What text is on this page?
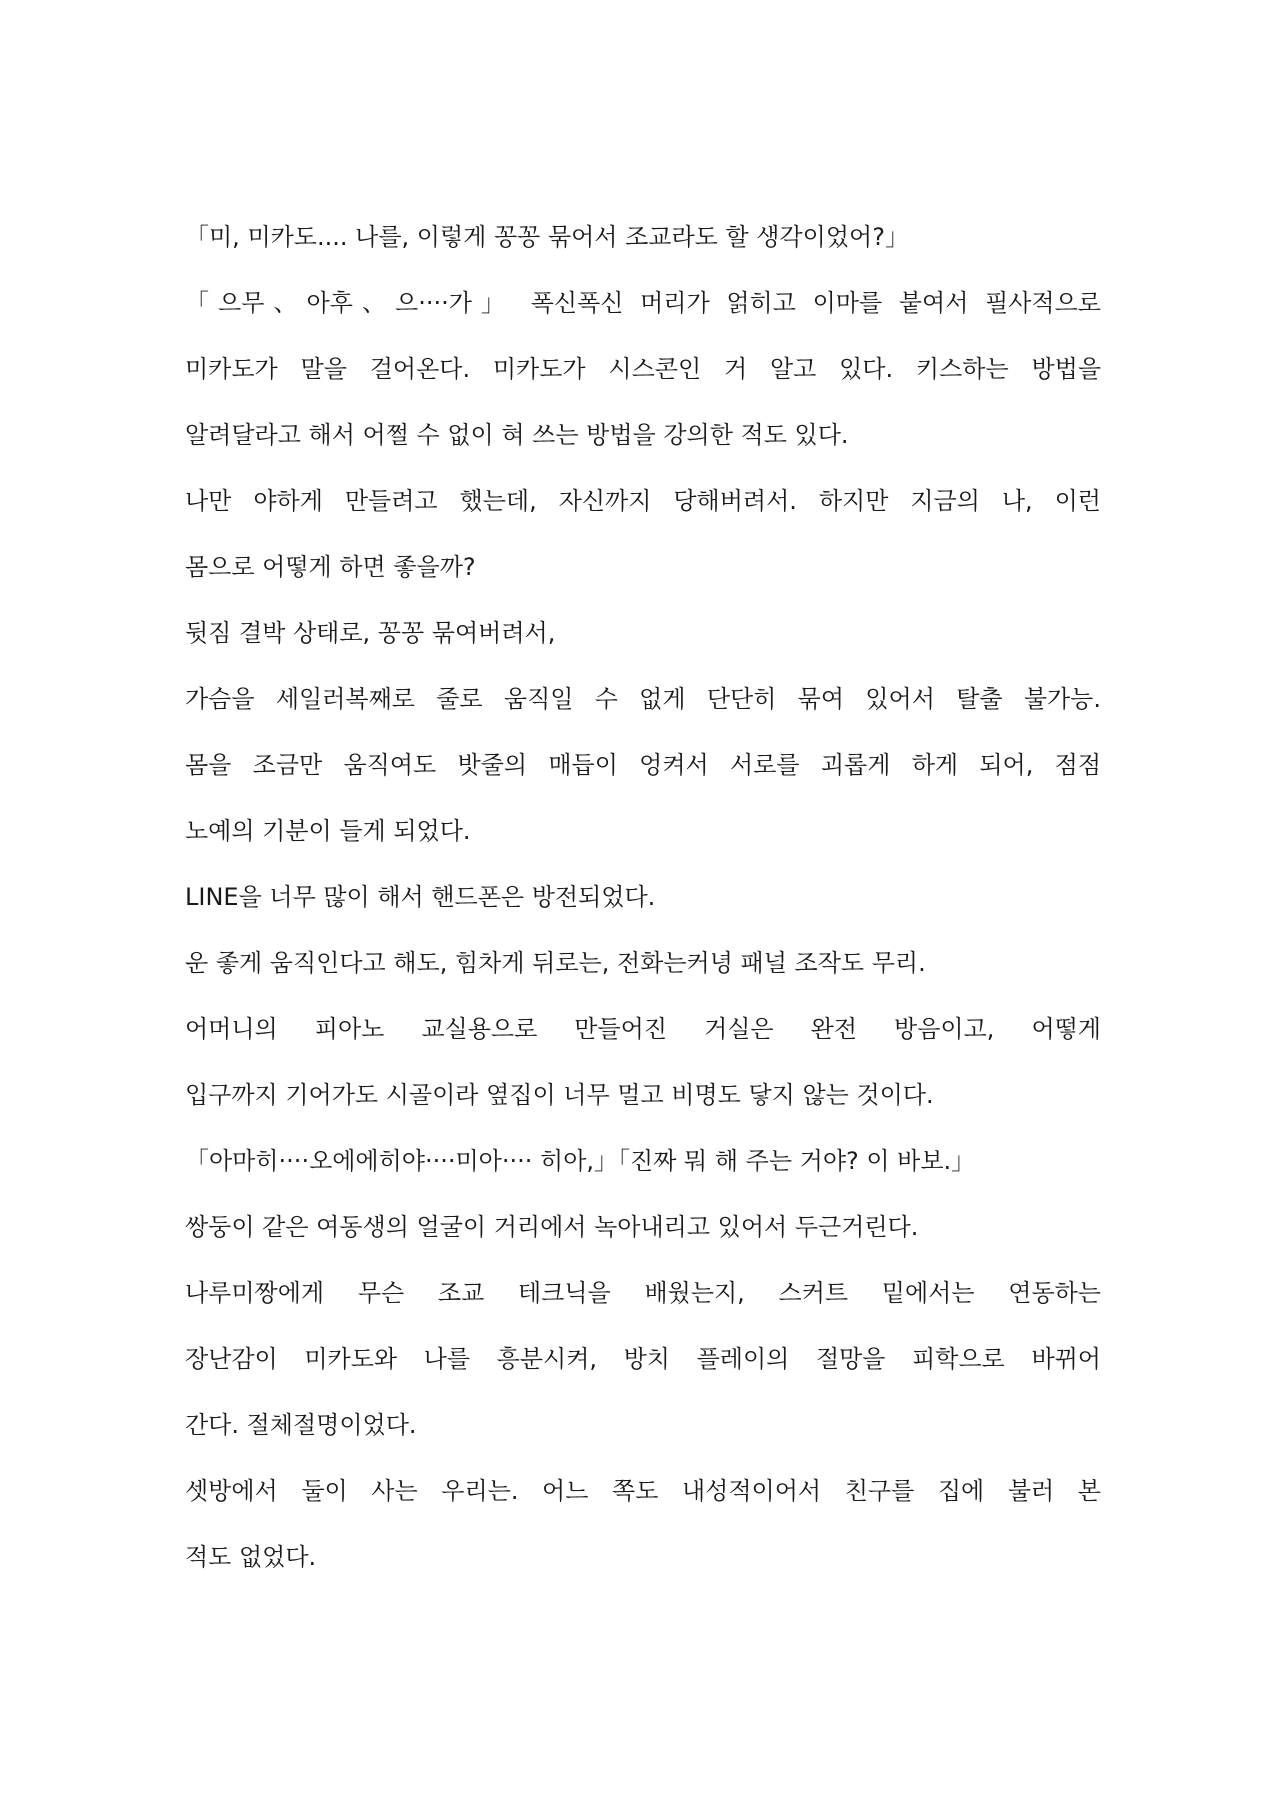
「미, 미카도.... 나를, 이렇게 꽁꽁 묶어서 조교라도 할 생각이었어?」
「으무、아후、으····가」 폭신폭신 머리가 얽히고 이마를 붙여서 필사적으로
미카도가 말을 걸어온다. 미카도가 시스콘인 거 알고 있다. 키스하는 방법을
알려달라고 해서 어쩔 수 없이 혀 쓰는 방법을 강의한 적도 있다.
나만 야하게 만들려고 했는데, 자신까지 당해버려서. 하지만 지금의 나, 이런
몸으로 어떻게 하면 좋을까?
뒷짐 결박 상태로, 꽁꽁 묶여버려서,
가슴을 세일러복째로 줄로 움직일 수 없게 단단히 묶여 있어서 탈출 불가능.
몸을 조금만 움직여도 밧줄의 매듭이 엉켜서 서로를 괴롭게 하게 되어, 점점
노예의 기분이 들게 되었다.
LINE을 너무 많이 해서 핸드폰은 방전되었다.
운 좋게 움직인다고 해도, 힘차게 뒤로는, 전화는커녕 패널 조작도 무리.
어머니의 피아노 교실용으로 만들어진 거실은 완전 방음이고, 어떻게
입구까지 기어가도 시골이라 옆집이 너무 멀고 비명도 닿지 않는 것이다.
「아마히····오에에히야····미아···· 히아,」「진짜 뭐 해 주는 거야? 이 바보.」
쌍둥이 같은 여동생의 얼굴이 거리에서 녹아내리고 있어서 두근거린다.
나루미짱에게 무슨 조교 테크닉을 배웠는지, 스커트 밑에서는 연동하는
장난감이 미카도와 나를 흥분시켜, 방치 플레이의 절망을 피학으로 바뀌어
간다. 절체절명이었다.
셋방에서 둘이 사는 우리는. 어느 쪽도 내성적이어서 친구를 집에 불러 본
적도 없었다.
